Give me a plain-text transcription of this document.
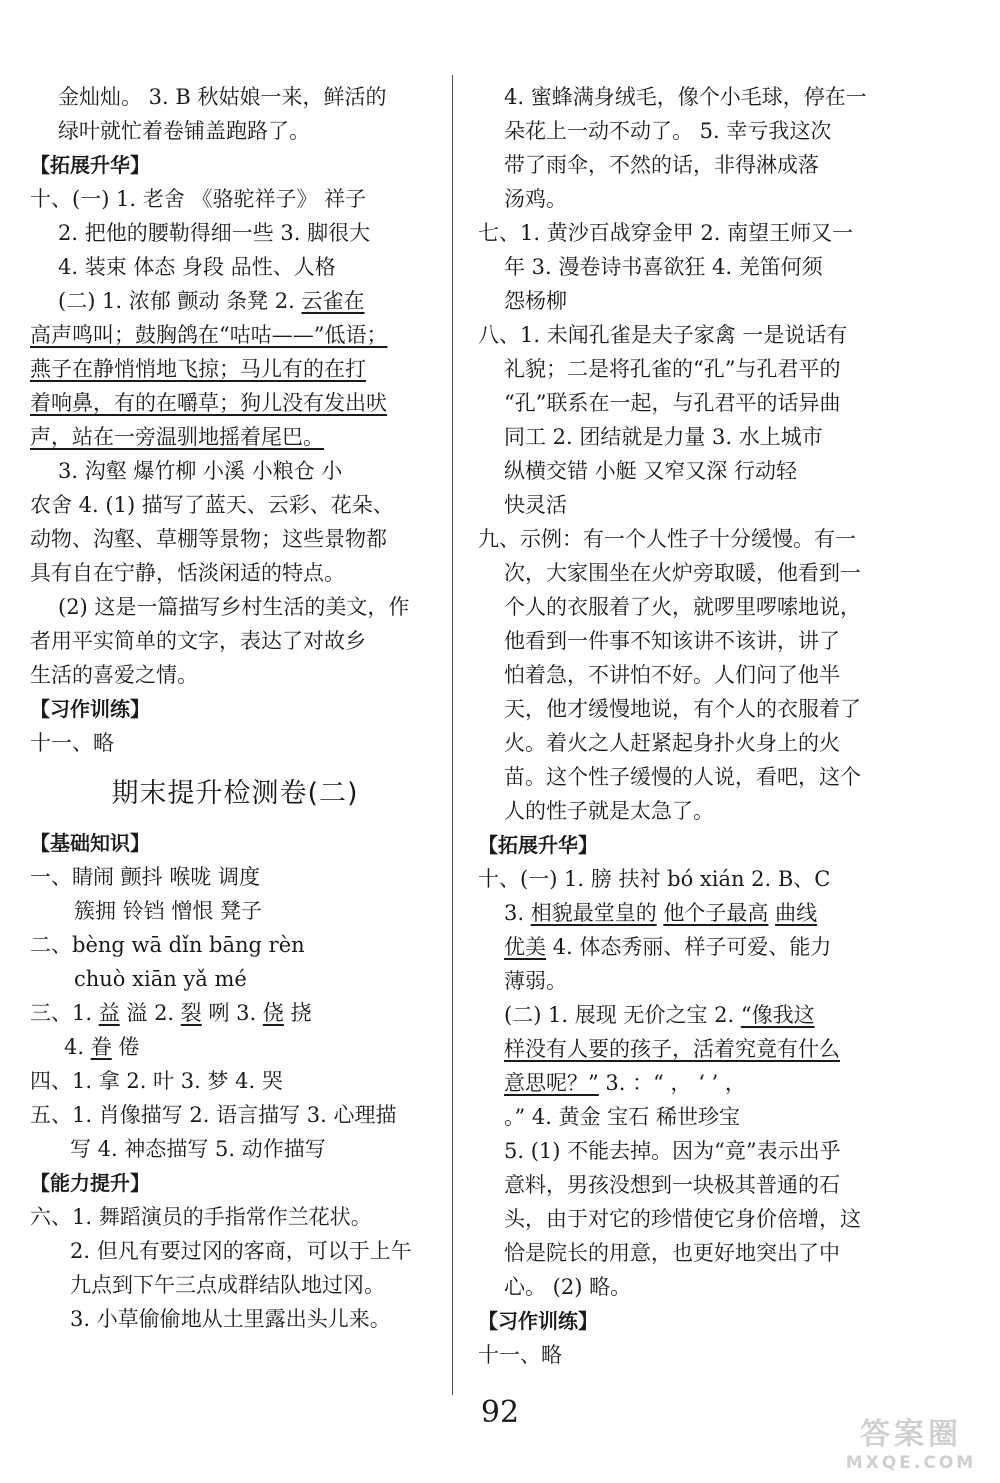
金灿灿。 3. B 秋姑娘一来，鲜活的
绿叶就忙着卷铺盖跑路了。
【拓展升华】
十、(一) 1. 老舍 《骆驼祥子》 祥子
2. 把他的腰勒得细一些 3. 脚很大
4. 装束 体态 身段 品性、人格
(二) 1. 浓郁 颤动 条凳 2. 云雀在
高声鸣叫；鼓胸鸽在“咕咕——”低语；
燕子在静悄悄地飞掠；马儿有的在打
着响鼻，有的在嚼草；狗儿没有发出吠
声，站在一旁温驯地摇着尾巴。
3. 沟壑 爆竹柳 小溪 小粮仓 小
农舍 4. (1) 描写了蓝天、云彩、花朵、
动物、沟壑、草棚等景物；这些景物都
具有自在宁静，恬淡闲适的特点。
(2) 这是一篇描写乡村生活的美文，作
者用平实简单的文字，表达了对故乡
生活的喜爱之情。
【习作训练】
十一、略
期末提升检测卷(二)
【基础知识】
一、睛闹 颤抖 喉咙 调度
簇拥 铃铛 憎恨 凳子
二、bèng wā dǐn bāng rèn
chuò xiān yǎ mé
三、1. 益 溢 2. 裂 咧 3. 侥 挠
4. 眷 倦
四、1. 拿 2. 叶 3. 梦 4. 哭
五、1. 肖像描写 2. 语言描写 3. 心理描
写 4. 神态描写 5. 动作描写
【能力提升】
六、1. 舞蹈演员的手指常作兰花状。
2. 但凡有要过冈的客商，可以于上午
九点到下午三点成群结队地过冈。
3. 小草偷偷地从土里露出头儿来。
4. 蜜蜂满身绒毛，像个小毛球，停在一
朵花上一动不动了。 5. 幸亏我这次
带了雨伞，不然的话，非得淋成落
汤鸡。
七、1. 黄沙百战穿金甲 2. 南望王师又一
年 3. 漫卷诗书喜欲狂 4. 羌笛何须
怨杨柳
八、1. 未闻孔雀是夫子家禽 一是说话有
礼貌；二是将孔雀的“孔”与孔君平的
“孔”联系在一起，与孔君平的话异曲
同工 2. 团结就是力量 3. 水上城市
纵横交错 小艇 又窄又深 行动轻
快灵活
九、示例：有一个人性子十分缓慢。有一
次，大家围坐在火炉旁取暖，他看到一
个人的衣服着了火，就啰里啰嗦地说，
他看到一件事不知该讲不该讲，讲了
怕着急，不讲怕不好。人们问了他半
天，他才缓慢地说，有个人的衣服着了
火。着火之人赶紧起身扑火身上的火
苗。这个性子缓慢的人说，看吧，这个
人的性子就是太急了。
【拓展升华】
十、(一) 1. 膀 扶衬 bó xián 2. B、C
3. 相貌最堂皇的 他个子最高 曲线
优美 4. 体态秀丽、样子可爱、能力
薄弱。
(二) 1. 展现 无价之宝 2. “像我这
样没有人要的孩子，活着究竟有什么
意思呢？” 3. ：“ ， ‘ ’ ，
。” 4. 黄金 宝石 稀世珍宝
5. (1) 不能去掉。因为“竟”表示出乎
意料，男孩没想到一块极其普通的石
头，由于对它的珍惜使它身价倍增，这
恰是院长的用意，也更好地突出了中
心。 (2) 略。
【习作训练】
十一、略
92
答案圈
MXQE.COM
